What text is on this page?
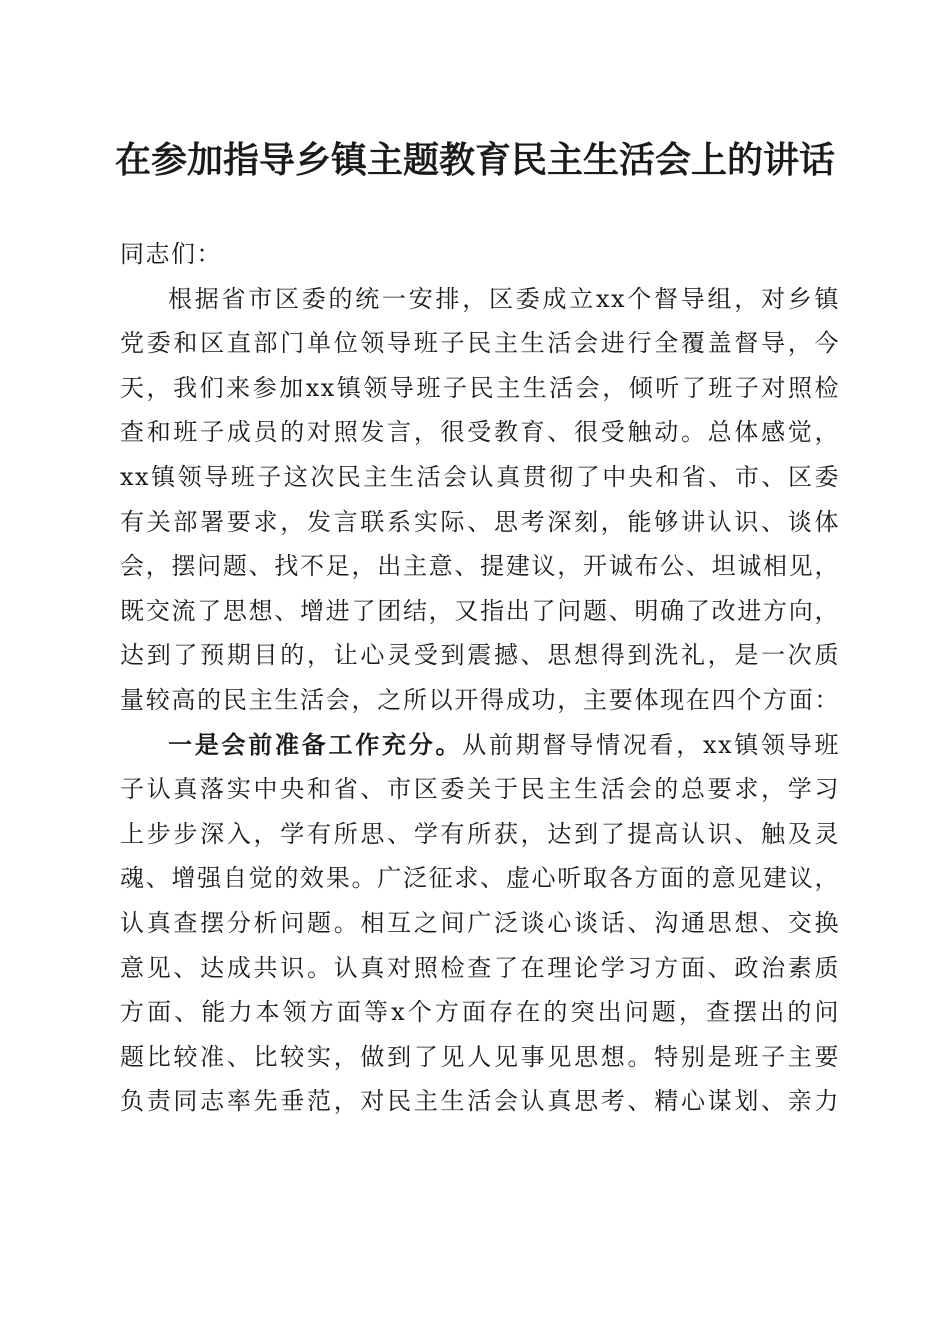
在参加指导乡镇主题教育民主生活会上的讲话

同志们：

根据省市区委的统一安排，区委成立xx个督导组，对乡镇
党委和区直部门单位领导班子民主生活会进行全覆盖督导，今
天，我们来参加xx镇领导班子民主生活会，倾听了班子对照检
查和班子成员的对照发言，很受教育、很受触动。总体感觉，
xx镇领导班子这次民主生活会认真贯彻了中央和省、市、区委
有关部署要求，发言联系实际、思考深刻，能够讲认识、谈体
会，摆问题、找不足，出主意、提建议，开诚布公、坦诚相见，
既交流了思想、增进了团结，又指出了问题、明确了改进方向，
达到了预期目的，让心灵受到震撼、思想得到洗礼，是一次质
量较高的民主生活会，之所以开得成功，主要体现在四个方面：
一是会前准备工作充分。从前期督导情况看，xx镇领导班
子认真落实中央和省、市区委关于民主生活会的总要求，学习
上步步深入，学有所思、学有所获，达到了提高认识、触及灵
魂、增强自觉的效果。广泛征求、虚心听取各方面的意见建议，
认真查摆分析问题。相互之间广泛谈心谈话、沟通思想、交换
意见、达成共识。认真对照检查了在理论学习方面、政治素质
方面、能力本领方面等x个方面存在的突出问题，查摆出的问
题比较准、比较实，做到了见人见事见思想。特别是班子主要
负责同志率先垂范，对民主生活会认真思考、精心谋划、亲力
